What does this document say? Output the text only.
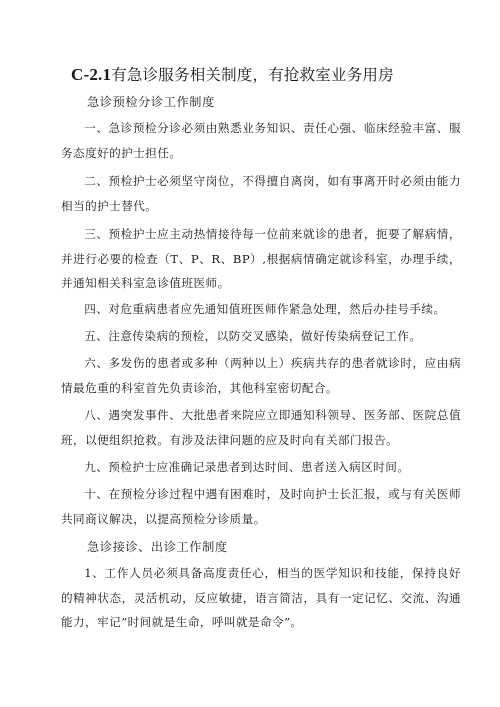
C-2.1有急诊服务相关制度，有抢救室业务用房

急诊预检分诊工作制度

一、急诊预检分诊必须由熟悉业务知识、责任心强、临床经验丰富、服务态度好的护士担任。

二、预检护士必须坚守岗位，不得擅自离岗，如有事离开时必须由能力相当的护士替代。

三、预检护士应主动热情接待每一位前来就诊的患者，扼要了解病情，并进行必要的检查（T、P、R、BP）,根据病情确定就诊科室，办理手续，并通知相关科室急诊值班医师。

四、对危重病患者应先通知值班医师作紧急处理，然后办挂号手续。

五、注意传染病的预检，以防交叉感染，做好传染病登记工作。

六、多发伤的患者或多种（两种以上）疾病共存的患者就诊时，应由病情最危重的科室首先负责诊治，其他科室密切配合。

八、遇突发事件、大批患者来院应立即通知科领导、医务部、医院总值班，以便组织抢救。有涉及法律问题的应及时向有关部门报告。

九、预检护士应准确记录患者到达时间、患者送入病区时间。

十、在预检分诊过程中遇有困难时，及时向护士长汇报，或与有关医师共同商议解决，以提高预检分诊质量。

急诊接诊、出诊工作制度

1、工作人员必须具备高度责任心，相当的医学知识和技能，保持良好的精神状态，灵活机动，反应敏捷，语言简洁，具有一定记忆、交流、沟通能力，牢记”时间就是生命，呼叫就是命令”。
